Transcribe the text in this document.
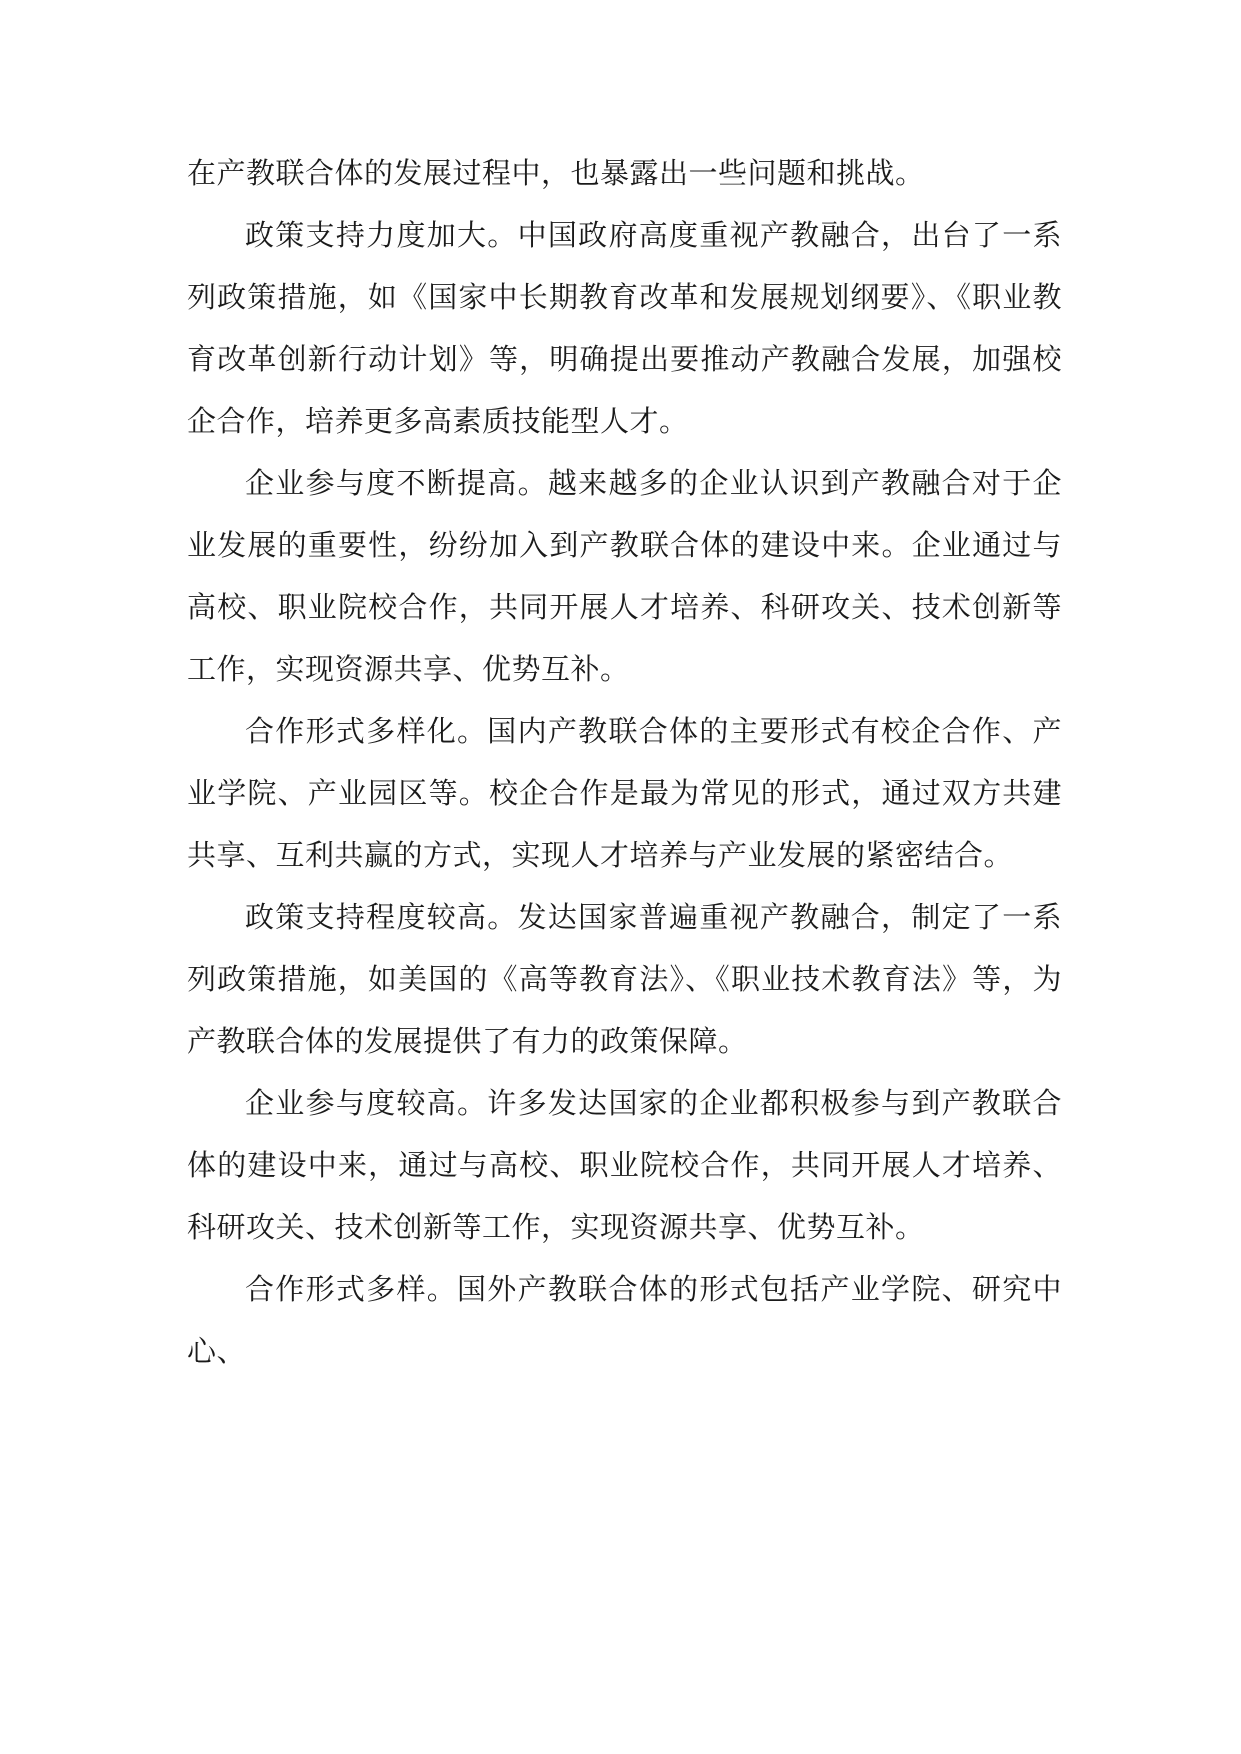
在产教联合体的发展过程中，也暴露出一些问题和挑战。

政策支持力度加大。中国政府高度重视产教融合，出台了一系列政策措施，如《国家中长期教育改革和发展规划纲要》、《职业教育改革创新行动计划》等，明确提出要推动产教融合发展，加强校企合作，培养更多高素质技能型人才。

企业参与度不断提高。越来越多的企业认识到产教融合对于企业发展的重要性，纷纷加入到产教联合体的建设中来。企业通过与高校、职业院校合作，共同开展人才培养、科研攻关、技术创新等工作，实现资源共享、优势互补。

合作形式多样化。国内产教联合体的主要形式有校企合作、产业学院、产业园区等。校企合作是最为常见的形式，通过双方共建共享、互利共赢的方式，实现人才培养与产业发展的紧密结合。

政策支持程度较高。发达国家普遍重视产教融合，制定了一系列政策措施，如美国的《高等教育法》、《职业技术教育法》等，为产教联合体的发展提供了有力的政策保障。

企业参与度较高。许多发达国家的企业都积极参与到产教联合体的建设中来，通过与高校、职业院校合作，共同开展人才培养、科研攻关、技术创新等工作，实现资源共享、优势互补。

合作形式多样。国外产教联合体的形式包括产业学院、研究中心、
